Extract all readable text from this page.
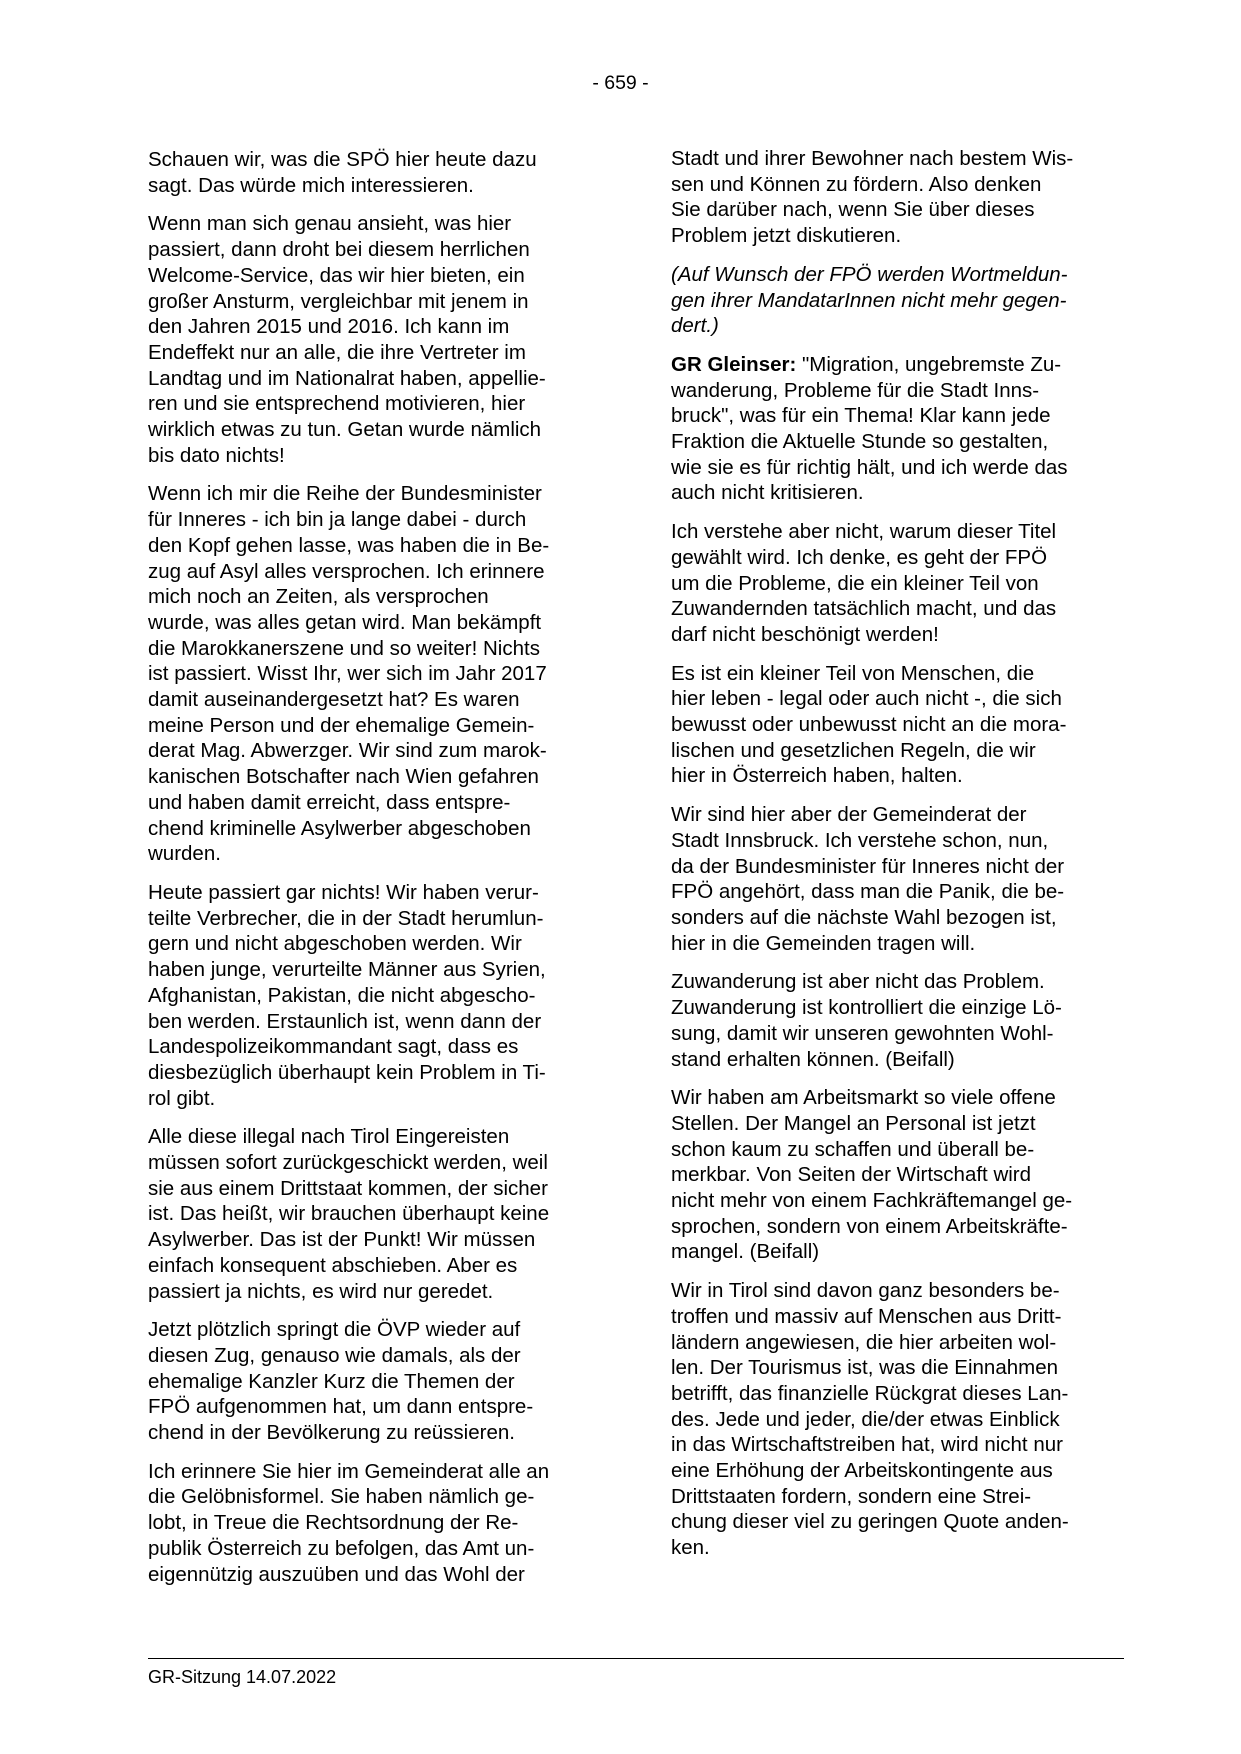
- 659 -

Schauen wir, was die SPÖ hier heute dazu
sagt. Das würde mich interessieren.

Wenn man sich genau ansieht, was hier
passiert, dann droht bei diesem herrlichen
Welcome-Service, das wir hier bieten, ein
großer Ansturm, vergleichbar mit jenem in
den Jahren 2015 und 2016. Ich kann im
Endeffekt nur an alle, die ihre Vertreter im
Landtag und im Nationalrat haben, appellie-
ren und sie entsprechend motivieren, hier
wirklich etwas zu tun. Getan wurde nämlich
bis dato nichts!

Wenn ich mir die Reihe der Bundesminister
für Inneres - ich bin ja lange dabei - durch
den Kopf gehen lasse, was haben die in Be-
zug auf Asyl alles versprochen. Ich erinnere
mich noch an Zeiten, als versprochen
wurde, was alles getan wird. Man bekämpft
die Marokkanerszene und so weiter! Nichts
ist passiert. Wisst Ihr, wer sich im Jahr 2017
damit auseinandergesetzt hat? Es waren
meine Person und der ehemalige Gemein-
derat Mag. Abwerzger. Wir sind zum marok-
kanischen Botschafter nach Wien gefahren
und haben damit erreicht, dass entspre-
chend kriminelle Asylwerber abgeschoben
wurden.

Heute passiert gar nichts! Wir haben verur-
teilte Verbrecher, die in der Stadt herumlun-
gern und nicht abgeschoben werden. Wir
haben junge, verurteilte Männer aus Syrien,
Afghanistan, Pakistan, die nicht abgescho-
ben werden. Erstaunlich ist, wenn dann der
Landespolizeikommandant sagt, dass es
diesbezüglich überhaupt kein Problem in Ti-
rol gibt.

Alle diese illegal nach Tirol Eingereisten
müssen sofort zurückgeschickt werden, weil
sie aus einem Drittstaat kommen, der sicher
ist. Das heißt, wir brauchen überhaupt keine
Asylwerber. Das ist der Punkt! Wir müssen
einfach konsequent abschieben. Aber es
passiert ja nichts, es wird nur geredet.

Jetzt plötzlich springt die ÖVP wieder auf
diesen Zug, genauso wie damals, als der
ehemalige Kanzler Kurz die Themen der
FPÖ aufgenommen hat, um dann entspre-
chend in der Bevölkerung zu reüssieren.

Ich erinnere Sie hier im Gemeinderat alle an
die Gelöbnisformel. Sie haben nämlich ge-
lobt, in Treue die Rechtsordnung der Re-
publik Österreich zu befolgen, das Amt un-
eigennützig auszuüben und das Wohl der

Stadt und ihrer Bewohner nach bestem Wis-
sen und Können zu fördern. Also denken
Sie darüber nach, wenn Sie über dieses
Problem jetzt diskutieren.

(Auf Wunsch der FPÖ werden Wortmeldun-
gen ihrer MandatarInnen nicht mehr gegen-
dert.)

GR Gleinser: "Migration, ungebremste Zu-
wanderung, Probleme für die Stadt Inns-
bruck", was für ein Thema! Klar kann jede
Fraktion die Aktuelle Stunde so gestalten,
wie sie es für richtig hält, und ich werde das
auch nicht kritisieren.

Ich verstehe aber nicht, warum dieser Titel
gewählt wird. Ich denke, es geht der FPÖ
um die Probleme, die ein kleiner Teil von
Zuwandernden tatsächlich macht, und das
darf nicht beschönigt werden!

Es ist ein kleiner Teil von Menschen, die
hier leben - legal oder auch nicht -, die sich
bewusst oder unbewusst nicht an die mora-
lischen und gesetzlichen Regeln, die wir
hier in Österreich haben, halten.

Wir sind hier aber der Gemeinderat der
Stadt Innsbruck. Ich verstehe schon, nun,
da der Bundesminister für Inneres nicht der
FPÖ angehört, dass man die Panik, die be-
sonders auf die nächste Wahl bezogen ist,
hier in die Gemeinden tragen will.

Zuwanderung ist aber nicht das Problem.
Zuwanderung ist kontrolliert die einzige Lö-
sung, damit wir unseren gewohnten Wohl-
stand erhalten können. (Beifall)

Wir haben am Arbeitsmarkt so viele offene
Stellen. Der Mangel an Personal ist jetzt
schon kaum zu schaffen und überall be-
merkbar. Von Seiten der Wirtschaft wird
nicht mehr von einem Fachkräftemangel ge-
sprochen, sondern von einem Arbeitskräfte-
mangel. (Beifall)

Wir in Tirol sind davon ganz besonders be-
troffen und massiv auf Menschen aus Dritt-
ländern angewiesen, die hier arbeiten wol-
len. Der Tourismus ist, was die Einnahmen
betrifft, das finanzielle Rückgrat dieses Lan-
des. Jede und jeder, die/der etwas Einblick
in das Wirtschaftstreiben hat, wird nicht nur
eine Erhöhung der Arbeitskontingente aus
Drittstaaten fordern, sondern eine Strei-
chung dieser viel zu geringen Quote anden-
ken.

GR-Sitzung 14.07.2022
